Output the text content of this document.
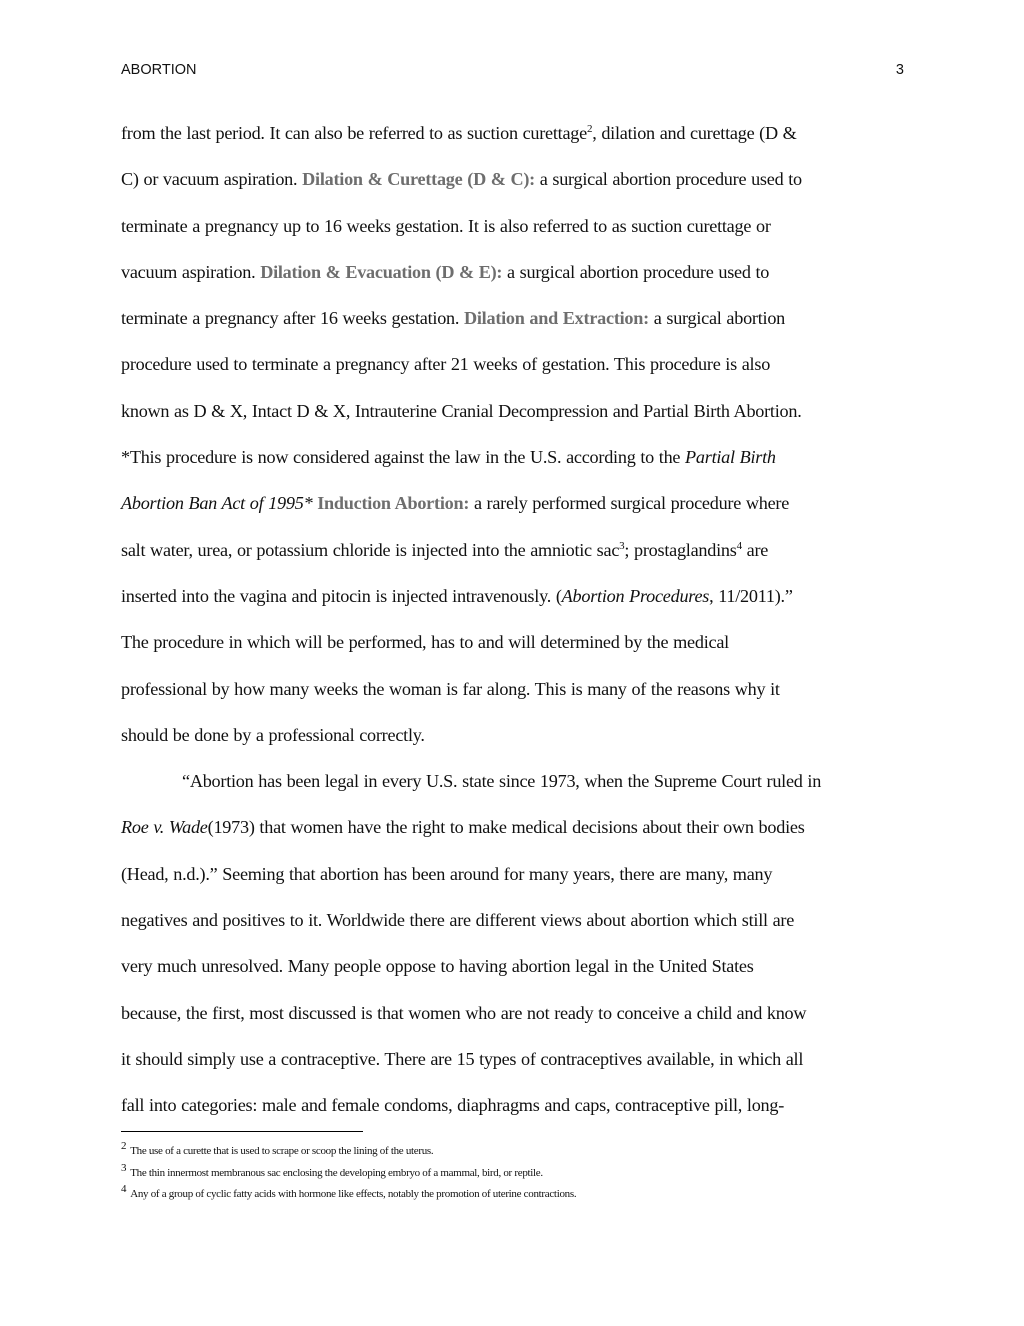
ABORTION	3
from the last period. It can also be referred to as suction curettage$^2$, dilation and curettage (D &
C) or vacuum aspiration. Dilation & Curettage (D & C): a surgical abortion procedure used to
terminate a pregnancy up to 16 weeks gestation. It is also referred to as suction curettage or
vacuum aspiration. Dilation & Evacuation (D & E): a surgical abortion procedure used to
terminate a pregnancy after 16 weeks gestation. Dilation and Extraction: a surgical abortion
procedure used to terminate a pregnancy after 21 weeks of gestation. This procedure is also
known as D & X, Intact D & X, Intrauterine Cranial Decompression and Partial Birth Abortion.
*This procedure is now considered against the law in the U.S. according to the Partial Birth
Abortion Ban Act of 1995* Induction Abortion: a rarely performed surgical procedure where
salt water, urea, or potassium chloride is injected into the amniotic sac$^3$; prostaglandins$^4$ are
inserted into the vagina and pitocin is injected intravenously. (Abortion Procedures, 11/2011).”
The procedure in which will be performed, has to and will determined by the medical
professional by how many weeks the woman is far along. This is many of the reasons why it
should be done by a professional correctly.
“Abortion has been legal in every U.S. state since 1973, when the Supreme Court ruled in
Roe v. Wade(1973) that women have the right to make medical decisions about their own bodies
(Head, n.d.).” Seeming that abortion has been around for many years, there are many, many
negatives and positives to it. Worldwide there are different views about abortion which still are
very much unresolved. Many people oppose to having abortion legal in the United States
because, the first, most discussed is that women who are not ready to conceive a child and know
it should simply use a contraceptive. There are 15 types of contraceptives available, in which all
fall into categories: male and female condoms, diaphragms and caps, contraceptive pill, long-
2 The use of a curette that is used to scrape or scoop the lining of the uterus.
3 The thin innermost membranous sac enclosing the developing embryo of a mammal, bird, or reptile.
4 Any of a group of cyclic fatty acids with hormone like effects, notably the promotion of uterine contractions.
